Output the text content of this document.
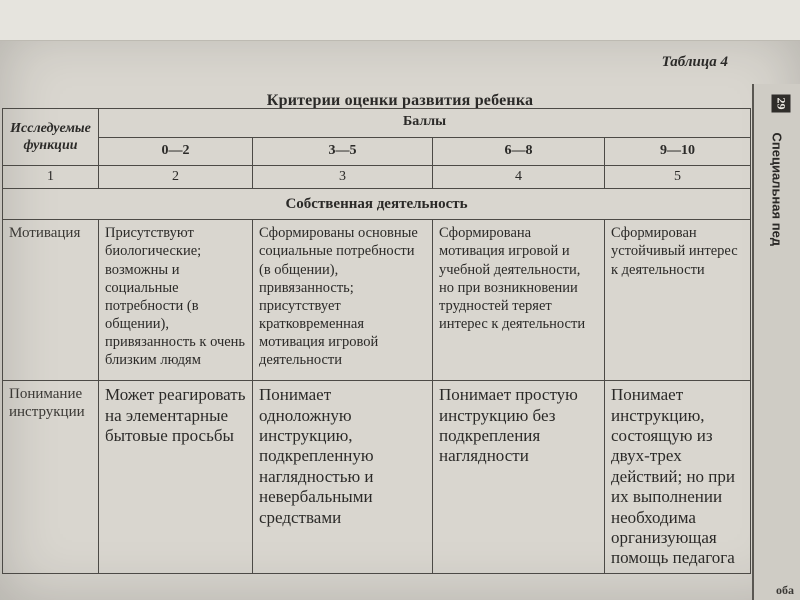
29
Специальная пед
Таблица 4
Критерии оценки развития ребенка
Исследуемые функции	Баллы			
	0—2	3—5	6—8	9—10
1	2	3	4	5
Собственная деятельность				
Мотивация	Присутствуют биологические; возможны и социальные потребности (в общении), привязанность к очень близким людям	Сформированы основные социальные потребности (в общении), привязанность; присутствует кратковременная мотивация игровой деятельности	Сформирована мотивация игровой и учебной деятельности, но при возникновении трудностей теряет интерес к деятельности	Сформирован устойчивый интерес к деятельности
Понимание инструкции	Может реагировать на элементарные бытовые просьбы	Понимает одноложную инструкцию, подкрепленную наглядностью и невербальными средствами	Понимает простую инструкцию без подкрепления наглядности	Понимает инструкцию, состоящую из двух-трех действий; но при их выполнении необходима организующая помощь педагога
оба
